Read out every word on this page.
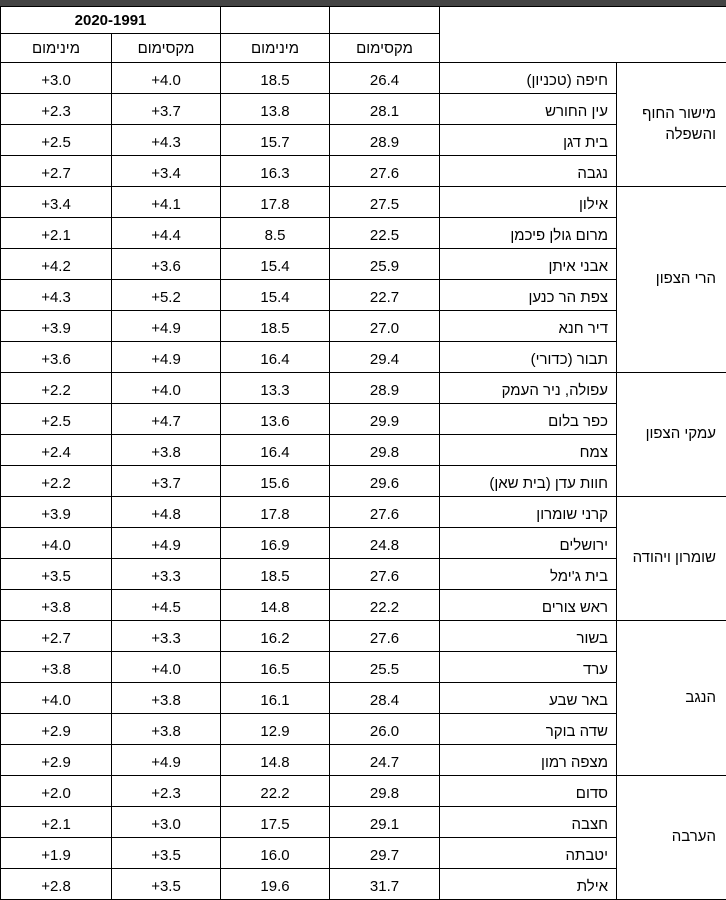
2020-1991					
מינימום	מקסימום	מינימום	מקסימום		
+3.0	+4.0	18.5	26.4	חיפה (טכניון)	מישור החוף והשפלה
+2.3	+3.7	13.8	28.1	עין החורש	
+2.5	+4.3	15.7	28.9	בית דגן	
+2.7	+3.4	16.3	27.6	נגבה	
+3.4	+4.1	17.8	27.5	אילון	הרי הצפון
+2.1	+4.4	8.5	22.5	מרום גולן פיכמן	
+4.2	+3.6	15.4	25.9	אבני איתן	
+4.3	+5.2	15.4	22.7	צפת הר כנען	
+3.9	+4.9	18.5	27.0	דיר חנא	
+3.6	+4.9	16.4	29.4	תבור (כדורי)	
+2.2	+4.0	13.3	28.9	עפולה, ניר העמק	עמקי הצפון
+2.5	+4.7	13.6	29.9	כפר בלום	
+2.4	+3.8	16.4	29.8	צמח	
+2.2	+3.7	15.6	29.6	חוות עדן (בית שאן)	
+3.9	+4.8	17.8	27.6	קרני שומרון	שומרון ויהודה
+4.0	+4.9	16.9	24.8	ירושלים	
+3.5	+3.3	18.5	27.6	בית ג'ימל	
+3.8	+4.5	14.8	22.2	ראש צורים	
+2.7	+3.3	16.2	27.6	בשור	הנגב
+3.8	+4.0	16.5	25.5	ערד	
+4.0	+3.8	16.1	28.4	באר שבע	
+2.9	+3.8	12.9	26.0	שדה בוקר	
+2.9	+4.9	14.8	24.7	מצפה רמון	
+2.0	+2.3	22.2	29.8	סדום	הערבה
+2.1	+3.0	17.5	29.1	חצבה	
+1.9	+3.5	16.0	29.7	יטבתה	
+2.8	+3.5	19.6	31.7	אילת	
